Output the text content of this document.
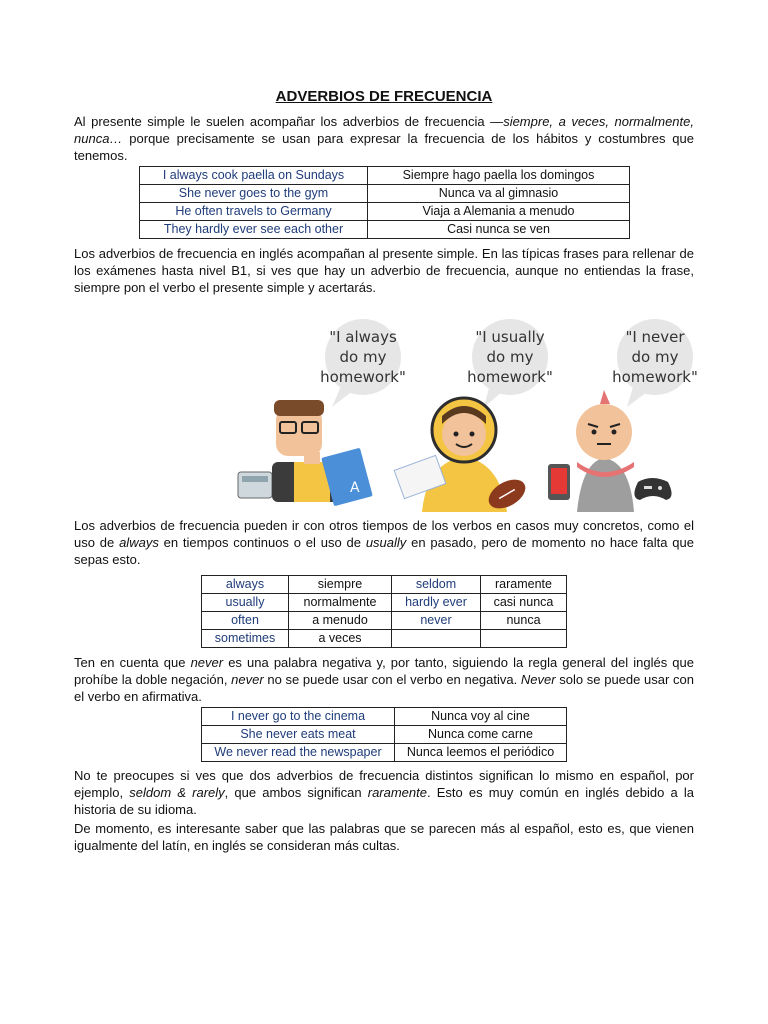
ADVERBIOS DE FRECUENCIA

Al presente simple le suelen acompañar los adverbios de frecuencia —siempre, a veces, normalmente, nunca… porque precisamente se usan para expresar la frecuencia de los hábitos y costumbres que tenemos.

I always cook paella on Sundays	Siempre hago paella los domingos
She never goes to the gym	Nunca va al gimnasio
He often travels to Germany	Viaja a Alemania a menudo
They hardly ever see each other	Casi nunca se ven

Los adverbios de frecuencia en inglés acompañan al presente simple. En las típicas frases para rellenar de los exámenes hasta nivel B1, si ves que hay un adverbio de frecuencia, aunque no entiendas la frase, siempre pon el verbo el presente simple y acertarás.

"I always
do my
homework"
"I usually
do my
homework"
"I never
do my
homework"
A

Los adverbios de frecuencia pueden ir con otros tiempos de los verbos en casos muy concretos, como el uso de always en tiempos continuos o el uso de usually en pasado, pero de momento no hace falta que sepas esto.

always	siempre	seldom	raramente
usually	normalmente	hardly ever	casi nunca
often	a menudo	never	nunca
sometimes	a veces		

Ten en cuenta que never es una palabra negativa y, por tanto, siguiendo la regla general del inglés que prohíbe la doble negación, never no se puede usar con el verbo en negativa. Never solo se puede usar con el verbo en afirmativa.

I never go to the cinema	Nunca voy al cine
She never eats meat	Nunca come carne
We never read the newspaper	Nunca leemos el periódico

No te preocupes si ves que dos adverbios de frecuencia distintos significan lo mismo en español, por ejemplo, seldom & rarely, que ambos significan raramente. Esto es muy común en inglés debido a la historia de su idioma.

De momento, es interesante saber que las palabras que se parecen más al español, esto es, que vienen igualmente del latín, en inglés se consideran más cultas.
